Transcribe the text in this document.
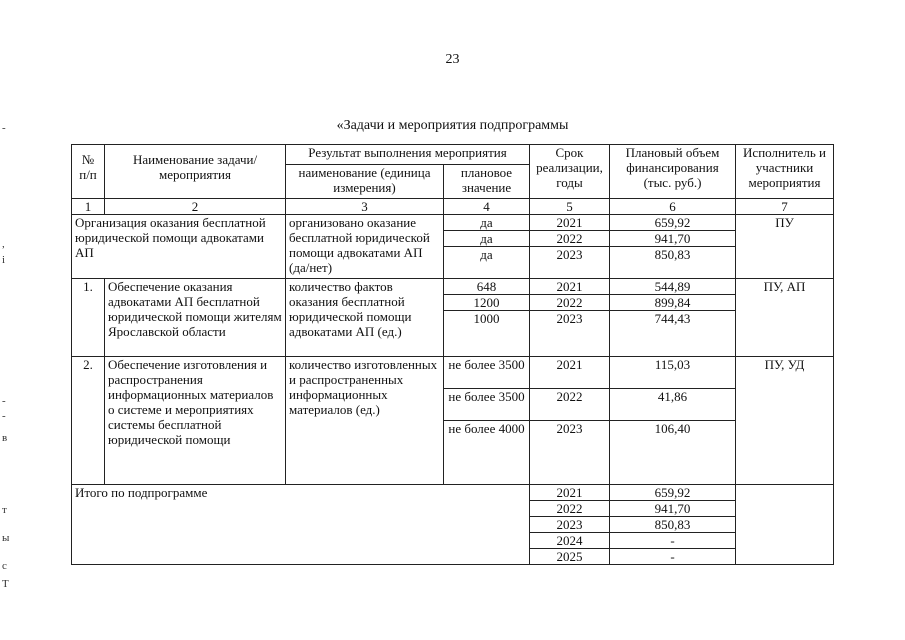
23
«Задачи и мероприятия подпрограммы
-
,
і
-
-
в
т
ы
с
Т
№ п/п	Наименование задачи/мероприятия	Результат выполнения мероприятия		Срок реализации, годы	Плановый объем финансирования (тыс. руб.)	Исполнитель и участники мероприятия
		наименование (единица измерения)	плановое значение			
1	2	3	4	5	6	7
Организация оказания бесплатной юридической помощи адвокатами АП		организовано оказание бесплатной юридической помощи адвокатами АП (да/нет)	да	2021	659,92	ПУ
			да	2022	941,70	
			да	2023	850,83	
1.	Обеспечение оказания адвокатами АП бесплатной юридической помощи жителям Ярославской области	количество фактов оказания бесплатной юридической помощи адвокатами АП (ед.)	648	2021	544,89	ПУ, АП
			1200	2022	899,84	
			1000	2023	744,43	
2.	Обеспечение изготовления и распространения информационных материалов о системе и мероприятиях системы бесплатной юридической помощи	количество изготовленных и распространенных информационных материалов (ед.)	не более 3500	2021	115,03	ПУ, УД
			не более 3500	2022	41,86	
			не более 4000	2023	106,40	
Итого по подпрограмме				2021	659,92	
				2022	941,70	
				2023	850,83	
				2024	-	
				2025	-	
